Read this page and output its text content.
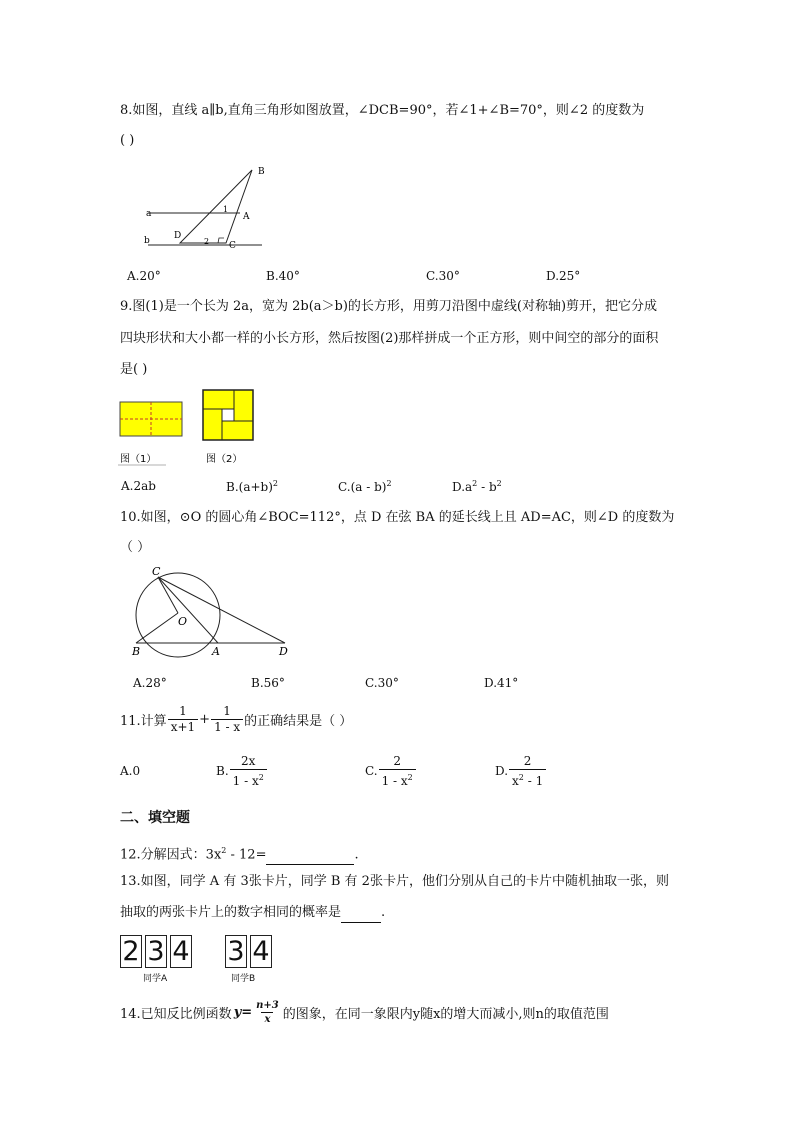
8.如图，直线 a∥b,直角三角形如图放置，∠DCB=90°，若∠1+∠B=70°，则∠2 的度数为
( )
B
a	1
A
D
b	2 C
A.20°	B.40°	C.30°	D.25°
9.图(1)是一个长为 2a，宽为 2b(a＞b)的长方形，用剪刀沿图中虚线(对称轴)剪开，把它分成
四块形状和大小都一样的小长方形，然后按图(2)那样拼成一个正方形，则中间空的部分的面积
是( )
图（1）	图（2）
A.2ab	$B.(a+b)^2$	C.(a - b)$^2$	$D.a^2 - b^2$
10.如图，⊙O 的圆心角∠BOC=112°，点 D 在弦 BA 的延长线上且 AD=AC，则∠D 的度数为
（ ）
C
O
B	A	D
A.28°	B.56°	C.30°	D.41°
11.计算 $\frac{1}{x+1} + \frac{1}{1 - x}$ 的正确结果是（ ）
A.0	B. $\frac{2x}{1 - x^2}$	C. $\frac{2}{1 - x^2}$	D. $\frac{2}{x^2 - 1}$
二、填空题
12.分解因式：$3x^2 - 12=$	.
13.如图，同学 A 有 3张卡片，同学 B 有 2张卡片，他们分别从自己的卡片中随机抽取一张，则
抽取的两张卡片上的数字相同的概率是	.
2 3 4 3 4
同学A	同学B
14.已知反比例函数 $y= \frac{n+3}{x}$ 的图象，在同一象限内y随x的增大而减小,则n的取值范围
